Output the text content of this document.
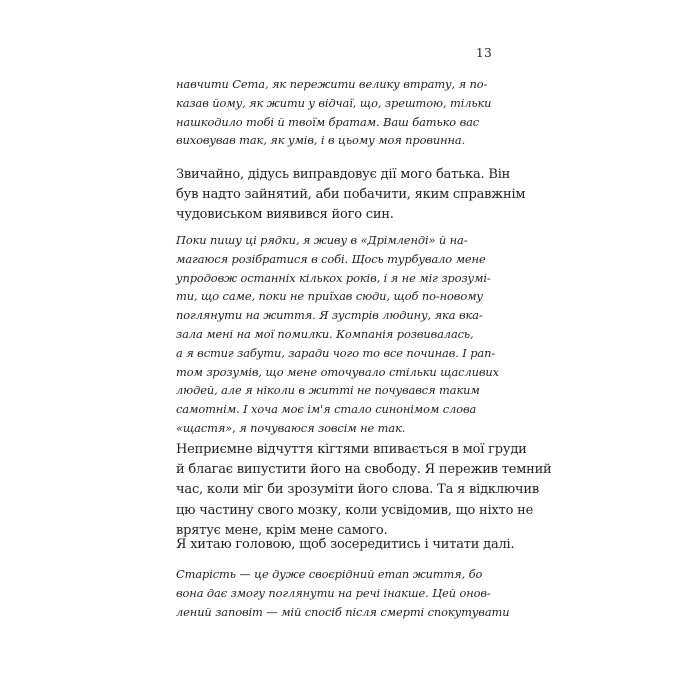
13
навчити Сета, як пережити велику втрату, я по-
казав йому, як жити у відчаї, що, зрештою, тільки
нашкодило тобі й твоїм братам. Ваш батько вас
виховував так, як умів, і в цьому моя провинна.
Звичайно, дідусь виправдовує дії мого батька. Він
був надто зайнятий, аби побачити, яким справжнім
чудовиськом виявився його син.
Поки пишу ці рядки, я живу в «Дрімленді» й на-
магаюся розібратися в собі. Щось турбувало мене
упродовж останніх кількох років, і я не міг зрозумі-
ти, що саме, поки не приїхав сюди, щоб по-новому
поглянути на життя. Я зустрів людину, яка вка-
зала мені на мої помилки. Компанія розвивалась,
а я встиг забути, заради чого то все починав. І рап-
том зрозумів, що мене оточувало стільки щасливих
людей, але я ніколи в житті не почувався таким
самотнім. І хоча моє ім'я стало синонімом слова
«щастя», я почуваюся зовсім не так.
Неприємне відчуття кігтями впивається в мої груди
й благає випустити його на свободу. Я пережив темний
час, коли міг би зрозуміти його слова. Та я відключив
цю частину свого мозку, коли усвідомив, що ніхто не
врятує мене, крім мене самого.
Я хитаю головою, щоб зосередитись і читати далі.
Старість — це дуже своєрідний етап життя, бо
вона дає змогу поглянути на речі інакше. Цей онов-
лений заповіт — мій спосіб після смерті спокутувати
